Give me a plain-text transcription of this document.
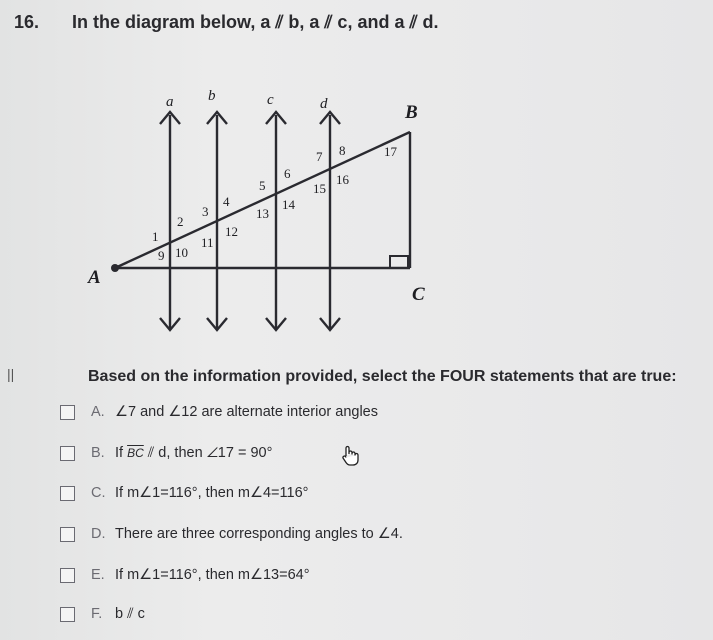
16. In the diagram below, a ⫽ b, a ⫽ c, and a ⫽ d.
a b	c	d
A
B
C
1
2
3
4
5
6
7 8
9 10
11
12
13
14
15
16
17
||	Based on the information provided, select the FOUR statements that are true:
A. ∠7 and ∠12 are alternate interior angles
B. If $\overline{BC}$ ⫽ d, then ∠17 = 90°
C. If m∠1=116°, then m∠4=116°
D. There are three corresponding angles to ∠4.
E. If m∠1=116°, then m∠13=64°
F. b ⫽ c
